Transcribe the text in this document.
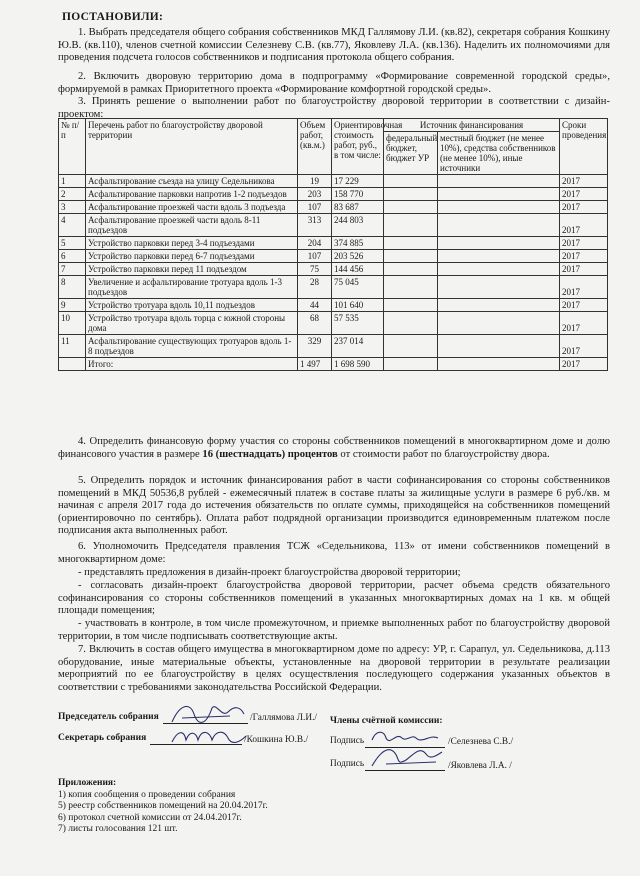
ПОСТАНОВИЛИ:
1. Выбрать председателя общего собрания собственников МКД Галлямову Л.И. (кв.82), секретаря собрания Кошкину Ю.В. (кв.110), членов счетной комиссии Селезневу С.В. (кв.77), Яковлеву Л.А. (кв.136). Наделить их полномочиями для проведения подсчета голосов собственников и подписания протокола общего собрания.
2. Включить дворовую территорию дома в подпрограмму «Формирование современной городской среды», формируемой в рамках Приоритетного проекта «Формирование комфортной городской среды».
3. Принять решение о выполнении работ по благоустройству дворовой территории в соответствии с дизайн-проектом:
№ п/п	Перечень работ по благоустройству дворовой территории	Объем работ, (кв.м.)	Ориентировочная стоимость работ, руб., в том числе:	Источник финансирования		Сроки проведения
				федеральный бюджет, бюджет УР	местный бюджет (не менее 10%), средства собственников (не менее 10%), иные источники	
1	Асфальтирование съезда на улицу Седельникова	19	17 229			2017
2	Асфальтирование парковки напротив 1-2 подъездов	203	158 770			2017
3	Асфальтирование проезжей части вдоль 3 подъезда	107	83 687			2017
4	Асфальтирование проезжей части вдоль 8-11 подъездов	313	244 803			2017
5	Устройство парковки перед 3-4 подъездами	204	374 885			2017
6	Устройство парковки перед 6-7 подъездами	107	203 526			2017
7	Устройство парковки перед 11 подъездом	75	144 456			2017
8	Увеличение и асфальтирование тротуара вдоль 1-3 подъездов	28	75 045			2017
9	Устройство тротуара вдоль 10,11 подъездов	44	101 640			2017
10	Устройство тротуара вдоль торца с южной стороны дома	68	57 535			2017
11	Асфальтирование существующих тротуаров вдоль 1-8 подъездов	329	237 014			2017
	Итого:	1 497	1 698 590			2017
4. Определить финансовую форму участия со стороны собственников помещений в многоквартирном доме и долю финансового участия в размере 16 (шестнадцать) процентов от стоимости работ по благоустройству двора.
5. Определить порядок и источник финансирования работ в части софинансирования со стороны собственников помещений в МКД 50536,8 рублей - ежемесячный платеж в составе платы за жилищные услуги в размере 6 руб./кв. м начиная с апреля 2017 года до истечения обязательств по оплате суммы, приходящейся на собственников помещений (ориентировочно по сентябрь). Оплата работ подрядной организации производится единовременным платежом после подписания акта выполненных работ.
6. Уполномочить Председателя правления ТСЖ «Седельникова, 113» от имени собственников помещений в многоквартирном доме:
- представлять предложения в дизайн-проект благоустройства дворовой территории;
- согласовать дизайн-проект благоустройства дворовой территории, расчет объема средств обязательного софинансирования со стороны собственников помещений в указанных многоквартирных домах на 1 кв. м общей площади помещения;
- участвовать в контроле, в том числе промежуточном, и приемке выполненных работ по благоустройству дворовой территории, в том числе подписывать соответствующие акты.
7. Включить в состав общего имущества в многоквартирном доме по адресу: УР, г. Сарапул, ул. Седельникова, д.113 оборудование, иные материальные объекты, установленные на дворовой территории в результате реализации мероприятий по ее благоустройству в целях осуществления последующего содержания указанных объектов в соответствии с требованиями законодательства Российской Федерации.
Председатель собрания	/Галлямова Л.И./
Секретарь собрания	/Кошкина Ю.В./
Члены счётной комиссии:
Подпись	/Селезнева С.В./
Подпись	/Яковлева Л.А. /
Приложения:
1) копия сообщения о проведении собрания
5) реестр собственников помещений на 20.04.2017г.
6) протокол счетной комиссии от 24.04.2017г.
7) листы голосования 121 шт.
